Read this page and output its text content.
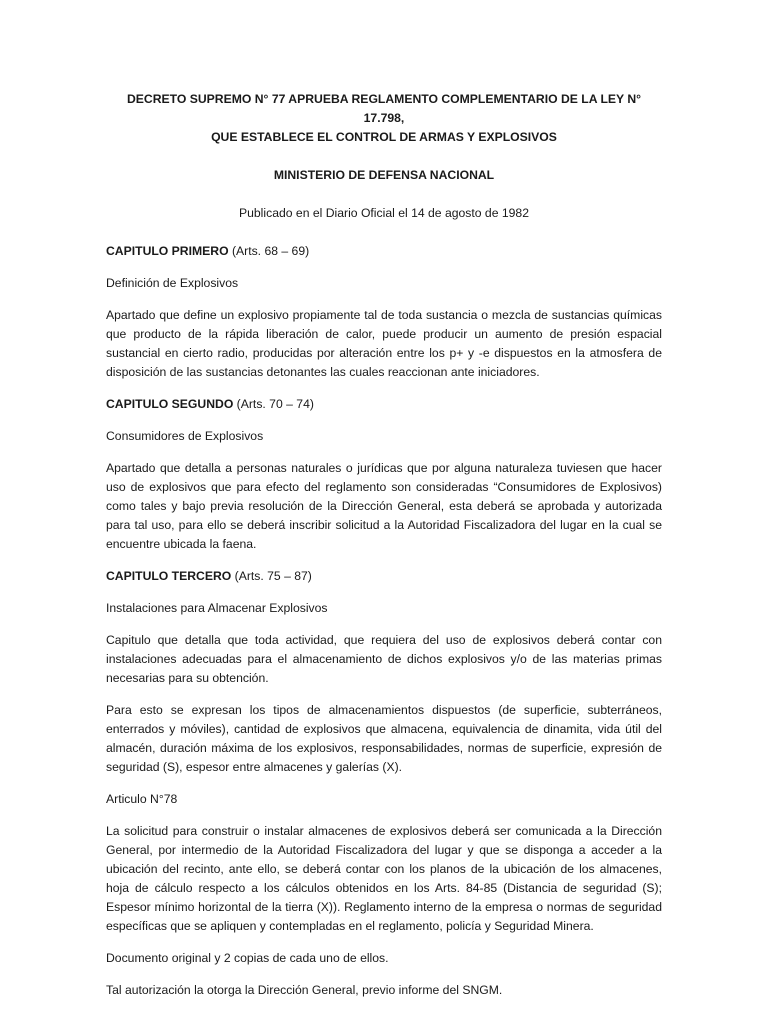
DECRETO SUPREMO N° 77 APRUEBA REGLAMENTO COMPLEMENTARIO DE LA LEY N° 17.798,

QUE ESTABLECE EL CONTROL DE ARMAS Y EXPLOSIVOS

MINISTERIO DE DEFENSA NACIONAL

Publicado en el Diario Oficial el 14 de agosto de 1982

CAPITULO PRIMERO (Arts. 68 – 69)

Definición de Explosivos

Apartado que define un explosivo propiamente tal de toda sustancia o mezcla de sustancias químicas que producto de la rápida liberación de calor, puede producir un aumento de presión espacial sustancial en cierto radio, producidas por alteración entre los p+ y -e dispuestos en la atmosfera de disposición de las sustancias detonantes las cuales reaccionan ante iniciadores.

CAPITULO SEGUNDO (Arts. 70 – 74)

Consumidores de Explosivos

Apartado que detalla a personas naturales o jurídicas que por alguna naturaleza tuviesen que hacer uso de explosivos que para efecto del reglamento son consideradas “Consumidores de Explosivos) como tales y bajo previa resolución de la Dirección General, esta deberá se aprobada y autorizada para tal uso, para ello se deberá inscribir solicitud a la Autoridad Fiscalizadora del lugar en la cual se encuentre ubicada la faena.

CAPITULO TERCERO (Arts. 75 – 87)

Instalaciones para Almacenar Explosivos

Capitulo que detalla que toda actividad, que requiera del uso de explosivos deberá contar con instalaciones adecuadas para el almacenamiento de dichos explosivos y/o de las materias primas necesarias para su obtención.

Para esto se expresan los tipos de almacenamientos dispuestos (de superficie, subterráneos, enterrados y móviles), cantidad de explosivos que almacena, equivalencia de dinamita, vida útil del almacén, duración máxima de los explosivos, responsabilidades, normas de superficie, expresión de seguridad (S), espesor entre almacenes y galerías (X).

Articulo N°78

La solicitud para construir o instalar almacenes de explosivos deberá ser comunicada a la Dirección General, por intermedio de la Autoridad Fiscalizadora del lugar y que se disponga a acceder a la ubicación del recinto, ante ello, se deberá contar con los planos de la ubicación de los almacenes, hoja de cálculo respecto a los cálculos obtenidos en los Arts. 84-85 (Distancia de seguridad (S); Espesor mínimo horizontal de la tierra (X)). Reglamento interno de la empresa o normas de seguridad específicas que se apliquen y contempladas en el reglamento, policía y Seguridad Minera.

Documento original y 2 copias de cada uno de ellos.

Tal autorización la otorga la Dirección General, previo informe del SNGM.
